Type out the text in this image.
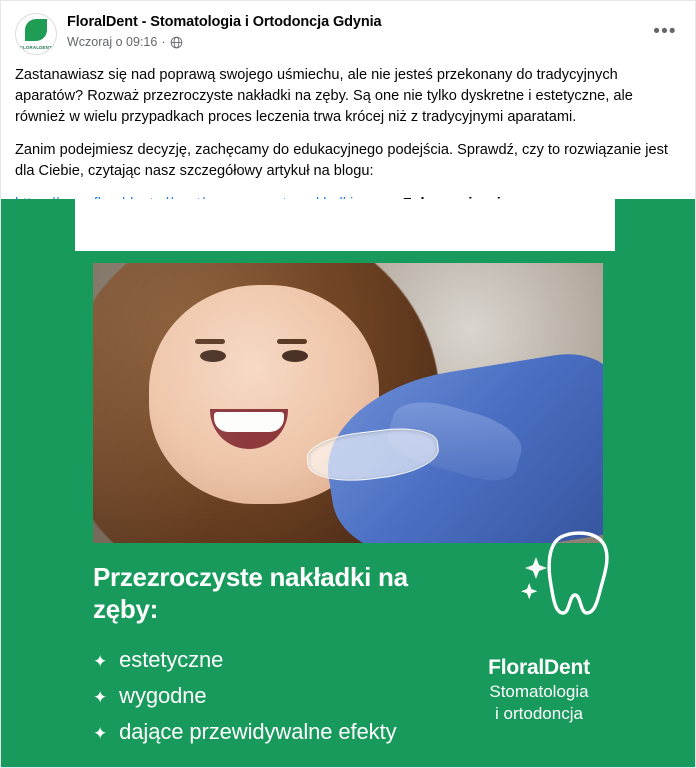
FLORALDENT
FloralDent - Stomatologia i Ortodoncja Gdynia
Wczoraj o 09:16 ·
•••

Zastanawiasz się nad poprawą swojego uśmiechu, ale nie jesteś przekonany do tradycyjnych aparatów? Rozważ przezroczyste nakładki na zęby. Są one nie tylko dyskretne i estetyczne, ale również w wielu przypadkach proces leczenia trwa krócej niż z tradycyjnymi aparatami.

Zanim podejmiesz decyzję, zachęcamy do edukacyjnego podejścia. Sprawdź, czy to rozwiązanie jest dla Ciebie, czytając nasz szczegółowy artykuł na blogu:

Przezroczyste nakładki na zęby:
✦ estetyczne
✦ wygodne
✦ dające przewidywalne efekty
FloralDent
Stomatologia
i ortodoncja
